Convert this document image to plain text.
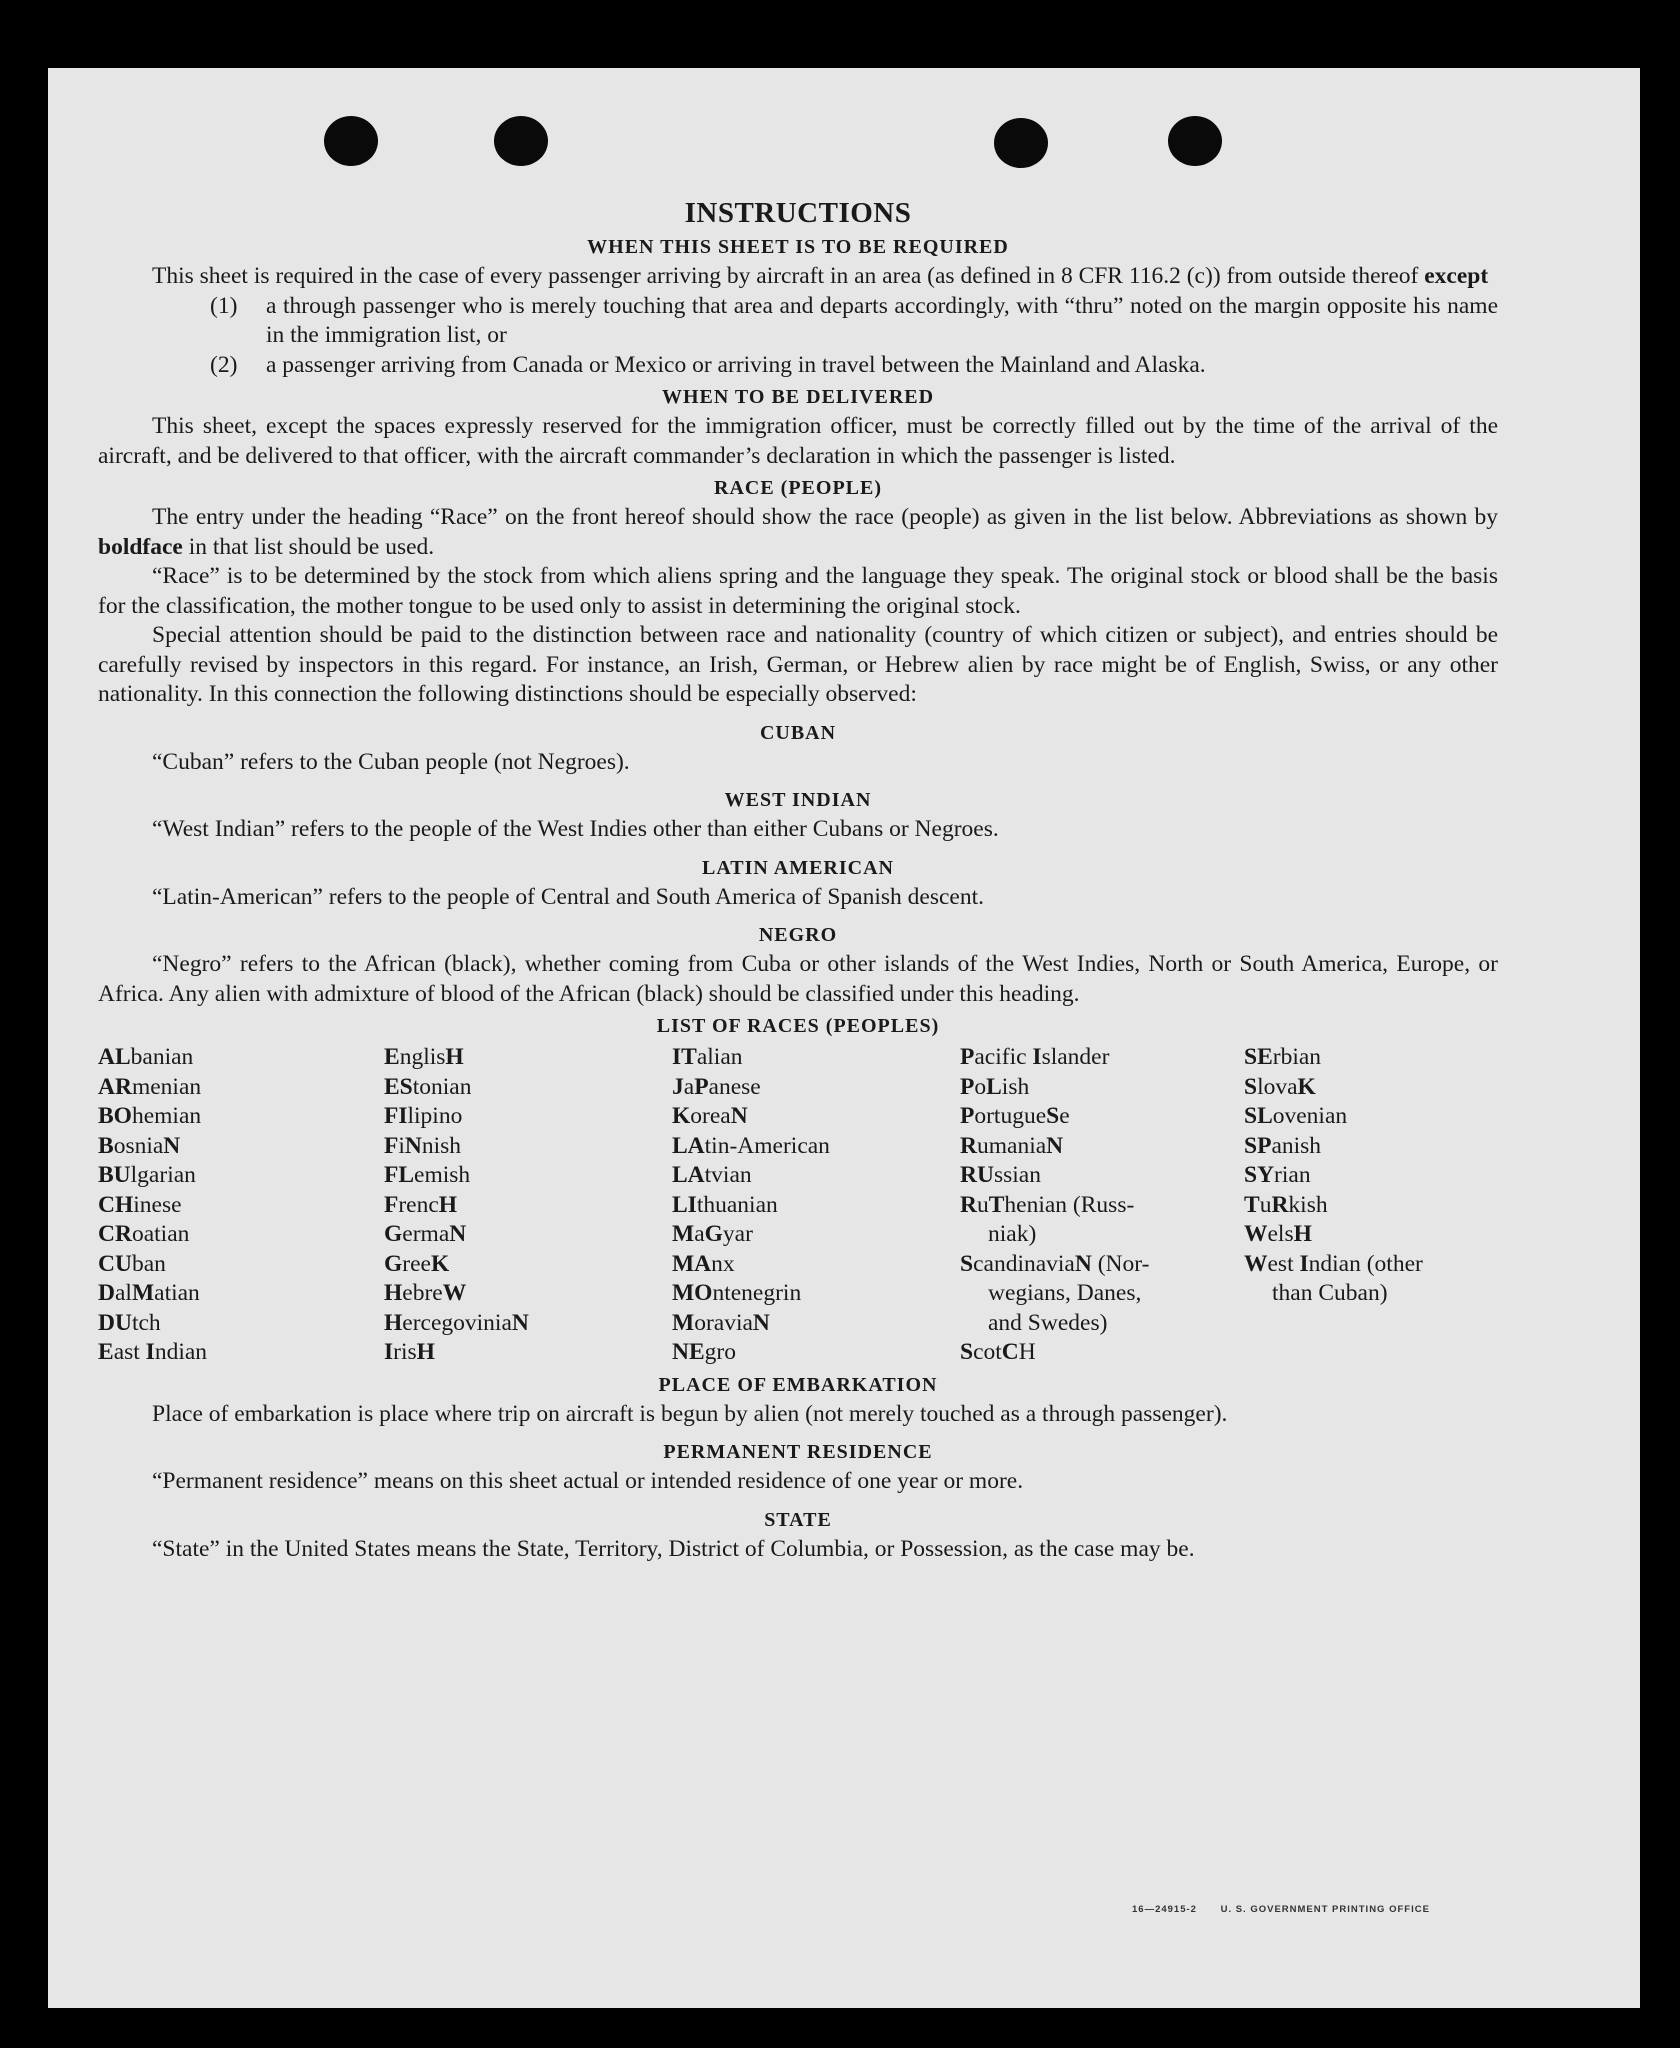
INSTRUCTIONS
WHEN THIS SHEET IS TO BE REQUIRED

This sheet is required in the case of every passenger arriving by aircraft in an area (as defined in 8 CFR 116.2 (c)) from outside thereof except

(1)	a through passenger who is merely touching that area and departs accordingly, with “thru” noted on the margin opposite his name in the immigration list, or
(2)	a passenger arriving from Canada or Mexico or arriving in travel between the Mainland and Alaska.
WHEN TO BE DELIVERED

This sheet, except the spaces expressly reserved for the immigration officer, must be correctly filled out by the time of the arrival of the aircraft, and be delivered to that officer, with the aircraft commander’s declaration in which the passenger is listed.

RACE (PEOPLE)

The entry under the heading “Race” on the front hereof should show the race (people) as given in the list below. Abbreviations as shown by boldface in that list should be used.

“Race” is to be determined by the stock from which aliens spring and the language they speak. The original stock or blood shall be the basis for the classification, the mother tongue to be used only to assist in determining the original stock.

Special attention should be paid to the distinction between race and nationality (country of which citizen or subject), and entries should be carefully revised by inspectors in this regard. For instance, an Irish, German, or Hebrew alien by race might be of English, Swiss, or any other nationality. In this connection the following distinctions should be especially observed:

CUBAN

“Cuban” refers to the Cuban people (not Negroes).

WEST INDIAN

“West Indian” refers to the people of the West Indies other than either Cubans or Negroes.

LATIN AMERICAN

“Latin-American” refers to the people of Central and South America of Spanish descent.

NEGRO

“Negro” refers to the African (black), whether coming from Cuba or other islands of the West Indies, North or South America, Europe, or Africa. Any alien with admixture of blood of the African (black) should be classified under this heading.

LIST OF RACES (PEOPLES)
ALbanian
ARmenian
BOhemian
BosniaN
BUlgarian
CHinese
CRoatian
CUban
DalMatian
DUtch
East Indian
EnglisH
EStonian
FIlipino
FiNnish
FLemish
FrencH
GermaN
GreeK
HebreW
HercegoviniaN
IrisH
ITalian
JaPanese
KoreaN
LAtin-American
LAtvian
LIthuanian
MaGyar
MAnx
MOntenegrin
MoraviaN
NEgro
Pacific Islander
PoLish
PortugueSe
RumaniaN
RUssian
RuThenian (Russ-
niak)
ScandinaviaN (Nor-
wegians, Danes,
and Swedes)
ScotCH
SErbian
SlovaK
SLovenian
SPanish
SYrian
TuRkish
WelsH
West Indian (other
than Cuban)
PLACE OF EMBARKATION

Place of embarkation is place where trip on aircraft is begun by alien (not merely touched as a through passenger).

PERMANENT RESIDENCE

“Permanent residence” means on this sheet actual or intended residence of one year or more.

STATE

“State” in the United States means the State, Territory, District of Columbia, or Possession, as the case may be.

16—24915-2 U. S. GOVERNMENT PRINTING OFFICE
